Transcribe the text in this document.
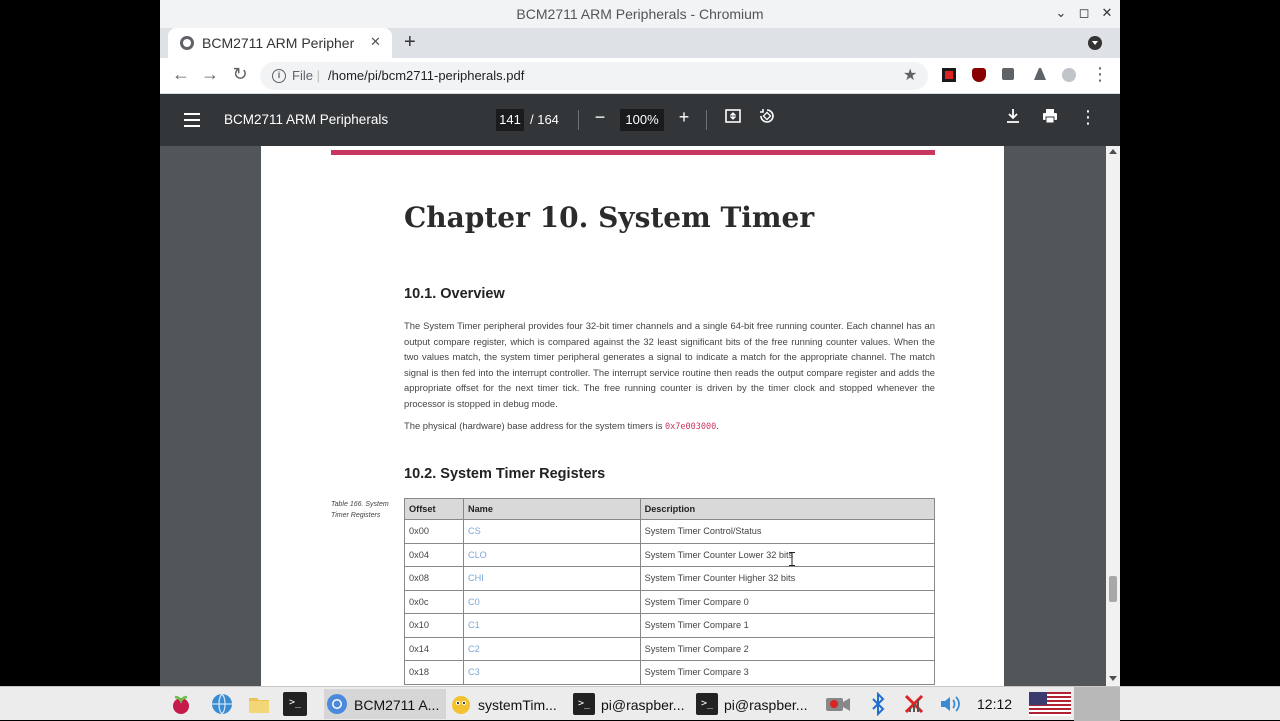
BCM2711 ARM Peripherals - Chromium	⌄ ◻ ✕
BCM2711 ARM Peripher	✕ +
← → ↻	i File | /home/pi/bcm2711-peripherals.pdf	★	⋮
BCM2711 ARM Peripherals	141 / 164	−	100%	+	⋮
Chapter 10. System Timer
10.1. Overview
The System Timer peripheral provides four 32-bit timer channels and a single 64-bit free running counter. Each channel has an output compare register, which is compared against the 32 least significant bits of the free running counter values. When the two values match, the system timer peripheral generates a signal to indicate a match for the appropriate channel. The match signal is then fed into the interrupt controller. The interrupt service routine then reads the output compare register and adds the appropriate offset for the next timer tick. The free running counter is driven by the timer clock and stopped whenever the processor is stopped in debug mode.
The physical (hardware) base address for the system timers is 0x7e003000.
10.2. System Timer Registers
Table 166. System Timer Registers
Offset	Name	Description
0x00	CS	System Timer Control/Status
0x04	CLO	System Timer Counter Lower 32 bits
0x08	CHI	System Timer Counter Higher 32 bits
0x0c	C0	System Timer Compare 0
0x10	C1	System Timer Compare 1
0x14	C2	System Timer Compare 2
0x18	C3	System Timer Compare 3
>_	BCM2711 A...	systemTim...	>_ pi@raspber...	>_ pi@raspber...	12:12
